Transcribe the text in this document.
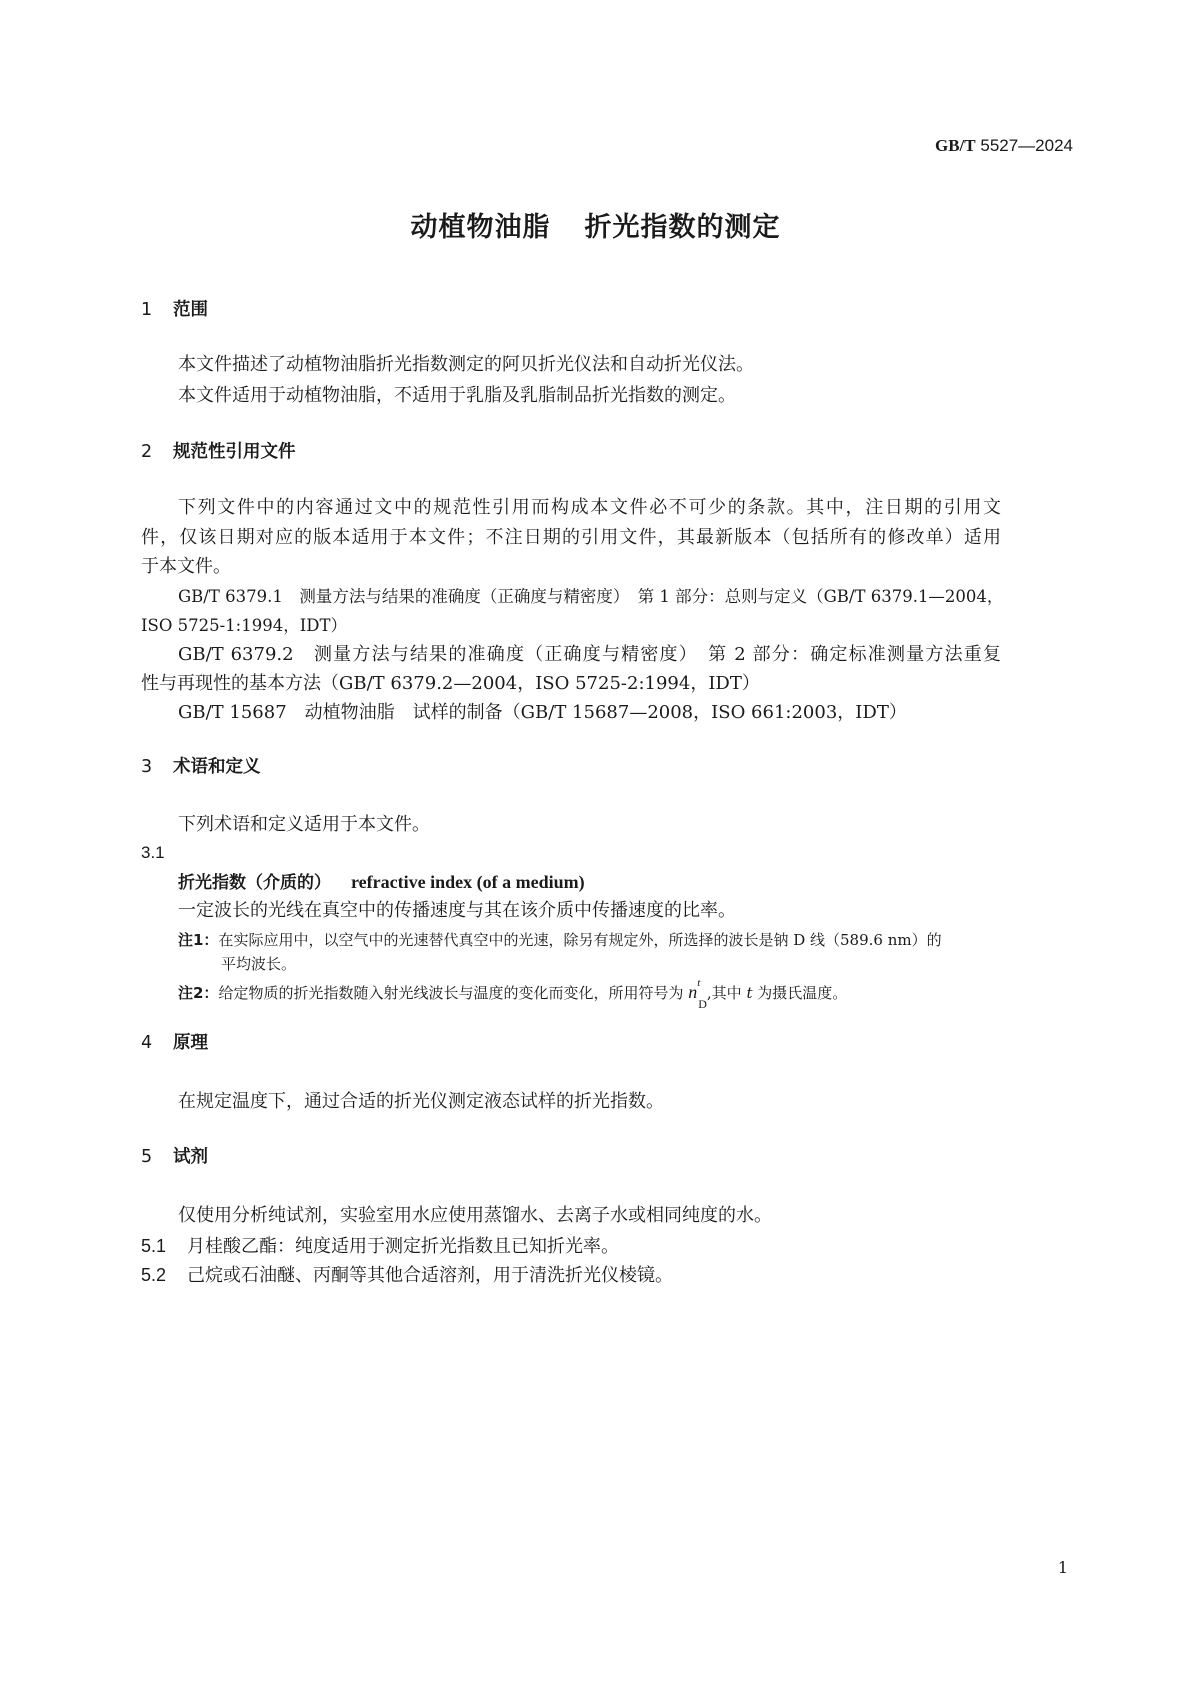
GB/T 5527—2024
动植物油脂 折光指数的测定
1 范围
本文件描述了动植物油脂折光指数测定的阿贝折光仪法和自动折光仪法。
本文件适用于动植物油脂，不适用于乳脂及乳脂制品折光指数的测定。
2 规范性引用文件
下列文件中的内容通过文中的规范性引用而构成本文件必不可少的条款。其中，注日期的引用文
件，仅该日期对应的版本适用于本文件；不注日期的引用文件，其最新版本（包括所有的修改单）适用
于本文件。
GB/T 6379.1　测量方法与结果的准确度（正确度与精密度）　第 1 部分：总则与定义（GB/T 6379.1—2004，
ISO 5725-1:1994，IDT）
GB/T 6379.2　测量方法与结果的准确度（正确度与精密度）　第 2 部分：确定标准测量方法重复
性与再现性的基本方法（GB/T 6379.2—2004，ISO 5725-2:1994，IDT）
GB/T 15687　动植物油脂　试样的制备（GB/T 15687—2008，ISO 661:2003，IDT）
3 术语和定义
下列术语和定义适用于本文件。
3.1
折光指数（介质的） refractive index (of a medium)
一定波长的光线在真空中的传播速度与其在该介质中传播速度的比率。
注1：在实际应用中，以空气中的光速替代真空中的光速，除另有规定外，所选择的波长是钠 D 线（589.6 nm）的
平均波长。
注2：给定物质的折光指数随入射光线波长与温度的变化而变化，所用符号为 n t
$_D$,其中 t 为摄氏温度。
4 原理
在规定温度下，通过合适的折光仪测定液态试样的折光指数。
5 试剂
仅使用分析纯试剂，实验室用水应使用蒸馏水、去离子水或相同纯度的水。
5.1 月桂酸乙酯：纯度适用于测定折光指数且已知折光率。
5.2 己烷或石油醚、丙酮等其他合适溶剂，用于清洗折光仪棱镜。
1
